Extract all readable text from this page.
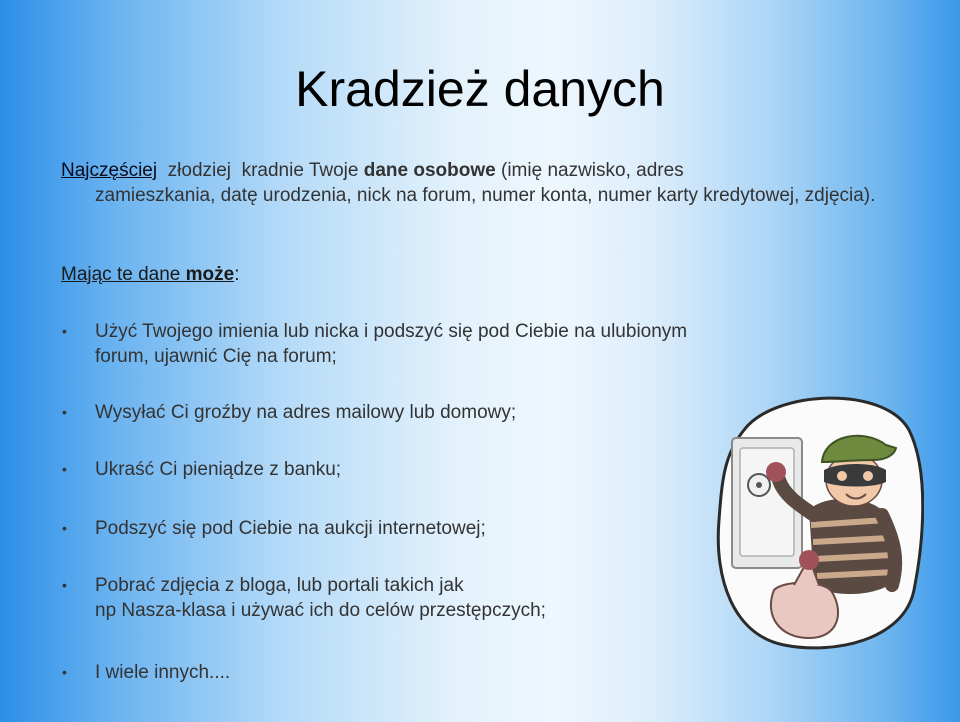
Kradzież danych
Najczęściej  złodziej  kradnie Twoje dane osobowe (imię nazwisko, adres
zamieszkania, datę urodzenia, nick na forum, numer konta, numer karty kredytowej, zdjęcia).
Mając te dane może:
•	Użyć Twojego imienia lub nicka i podszyć się pod Ciebie na ulubionym
forum, ujawnić Cię na forum;
•	Wysyłać Ci groźby na adres mailowy lub domowy;
•	Ukraść Ci pieniądze z banku;
•	Podszyć się pod Ciebie na aukcji internetowej;
•	Pobrać zdjęcia z bloga, lub portali takich jak
np Nasza-klasa i używać ich do celów przestępczych;
•	I wiele innych....
